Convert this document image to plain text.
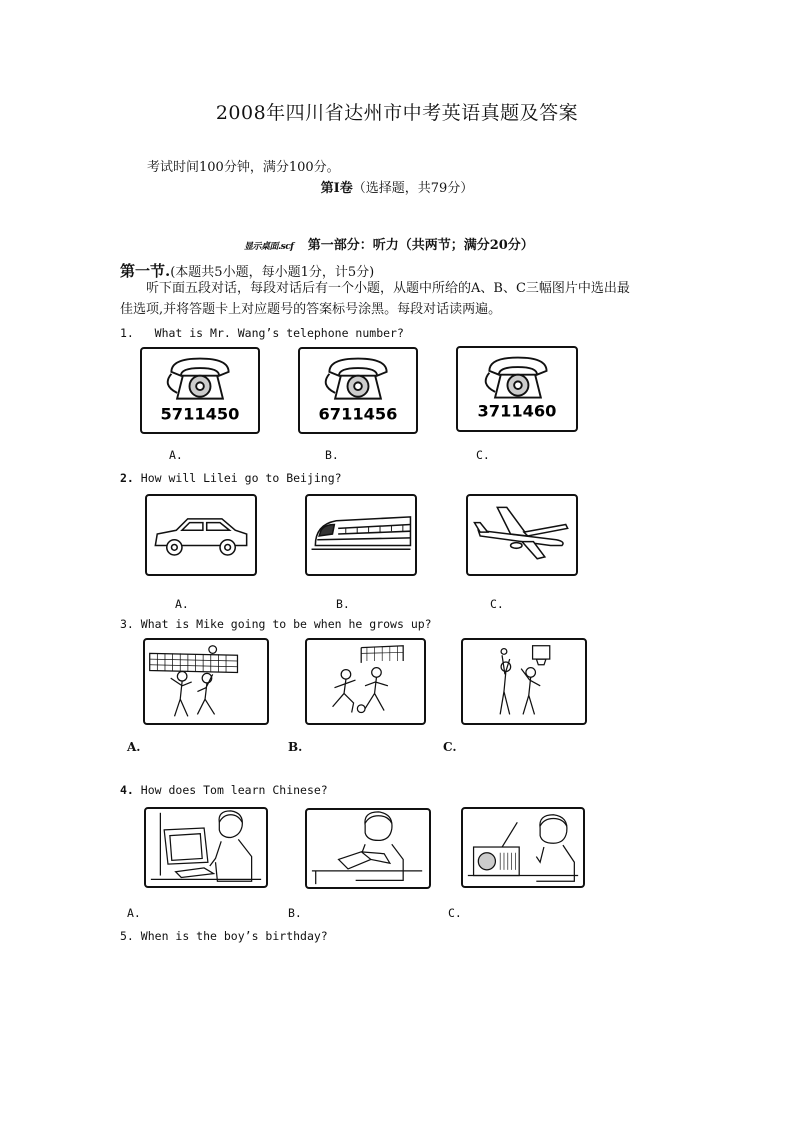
2008年四川省达州市中考英语真题及答案
考试时间100分钟，满分100分。
第Ⅰ卷（选择题，共79分）
显示桌面.scf 第一部分：听力（共两节；满分20分）
第一节.(本题共5小题，每小题1分，计5分)
听下面五段对话，每段对话后有一个小题，从题中所给的A、B、C三幅图片中选出最
佳选项,并将答题卡上对应题号的答案标号涂黑。每段对话读两遍。
1. What is Mr. Wang’s telephone number?
5711450	6711456	3711460
A.	B.	C.
2. How will Lilei go to Beijing?
A.	B.	C.
3. What is Mike going to be when he grows up?
A.	B.	C.
4. How does Tom learn Chinese?
A.	B.	C.
5. When is the boy’s birthday?
